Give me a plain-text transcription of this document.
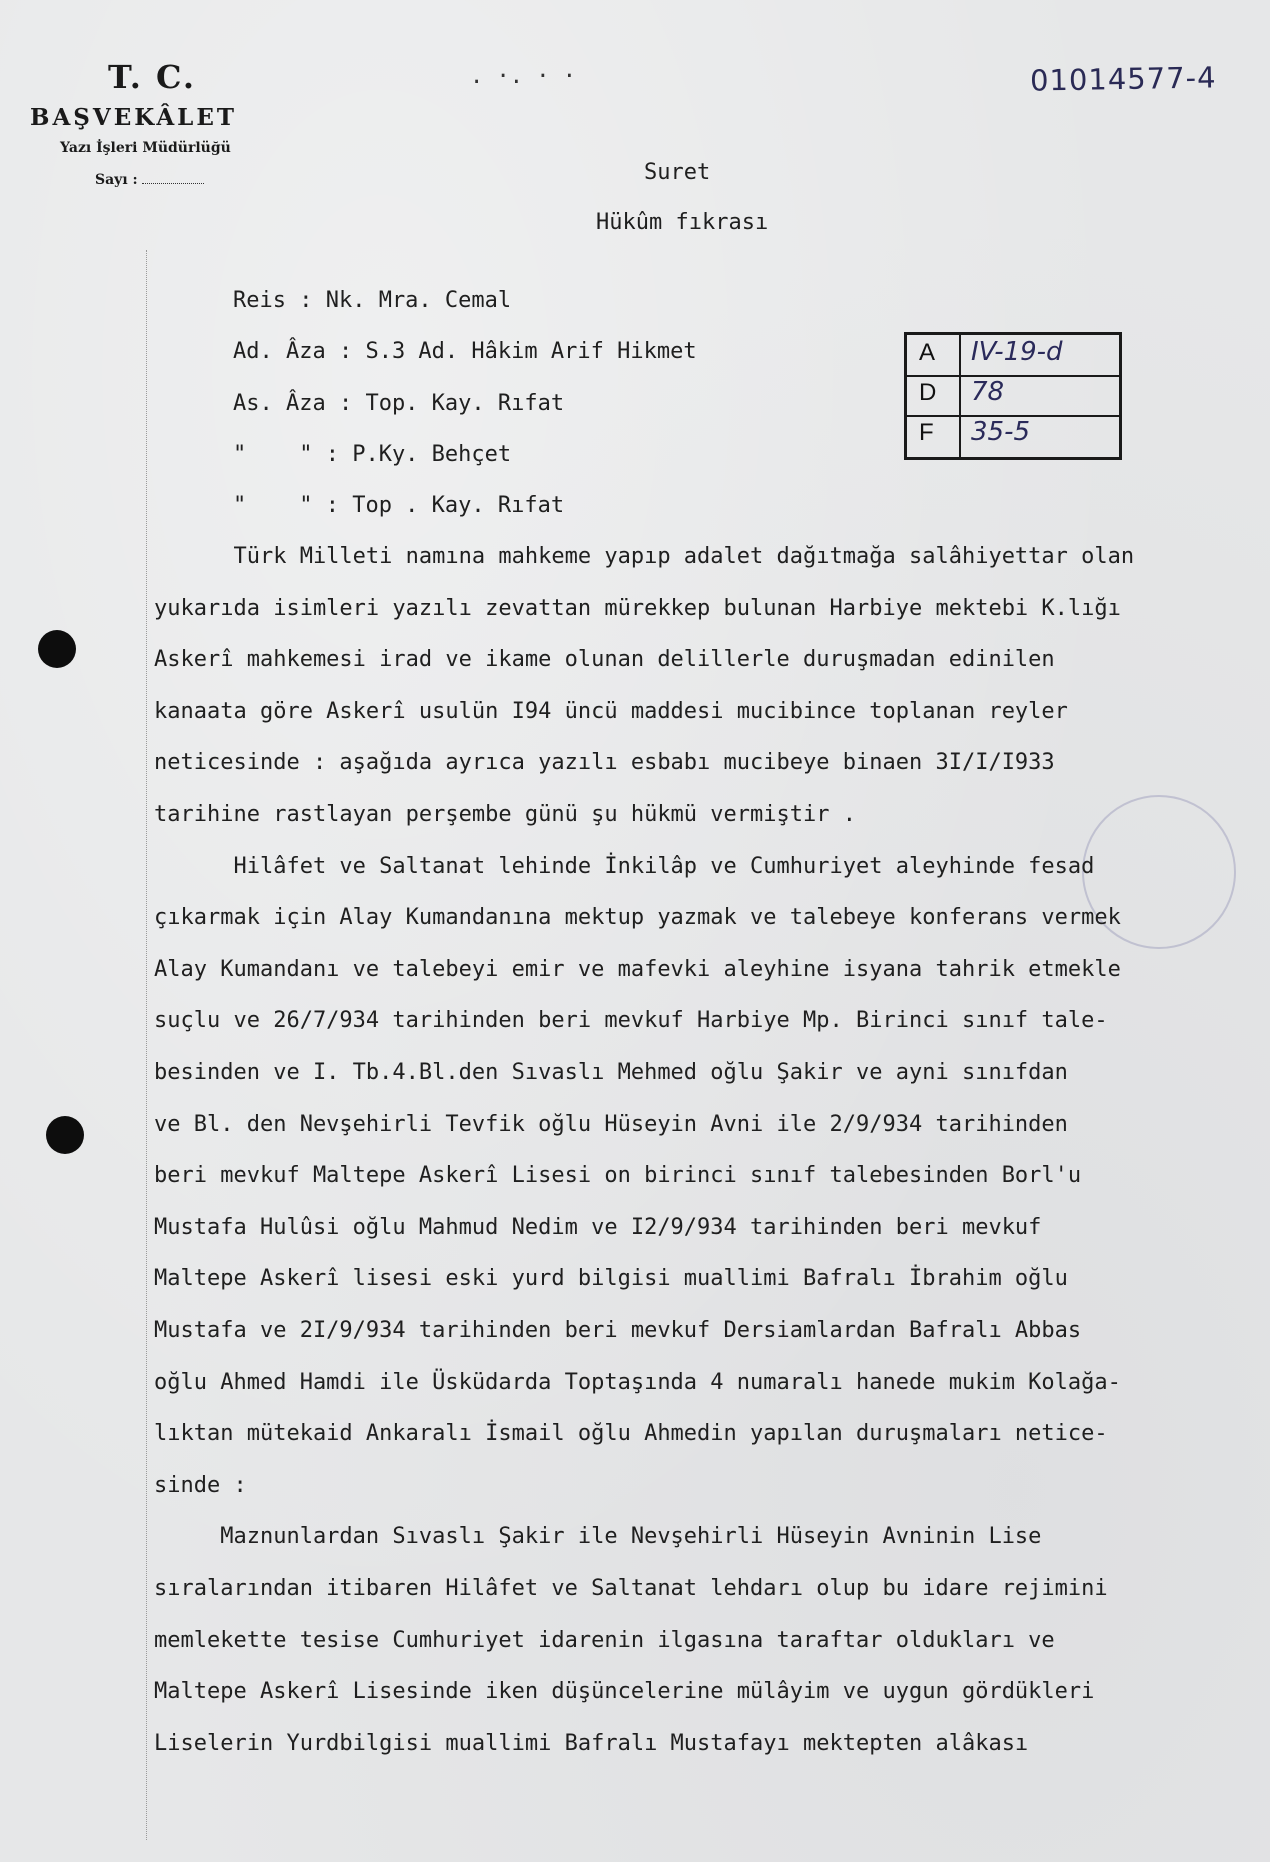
T. C.
BAŞVEKÂLET
Yazı İşleri Müdürlüğü
Sayı :
. ·. · ·	01014577-4
Suret
Hükûm fıkrası
Reis : Nk. Mra. Cemal
Ad. Âza : S.3 Ad. Hâkim Arif Hikmet
As. Âza : Top. Kay. Rıfat
"    " : P.Ky. Behçet
"    " : Top . Kay. Rıfat
A IV-19-d
D 78
F 35-5
Türk Milleti namına mahkeme yapıp adalet dağıtmağa salâhiyettar olan
yukarıda isimleri yazılı zevattan mürekkep bulunan Harbiye mektebi K.lığı
Askerî mahkemesi irad ve ikame olunan delillerle duruşmadan edinilen
kanaata göre Askerî usulün I94 üncü maddesi mucibince toplanan reyler
neticesinde : aşağıda ayrıca yazılı esbabı mucibeye binaen 3I/I/I933
tarihine rastlayan perşembe günü şu hükmü vermiştir .
Hilâfet ve Saltanat lehinde İnkilâp ve Cumhuriyet aleyhinde fesad
çıkarmak için Alay Kumandanına mektup yazmak ve talebeye konferans vermek
Alay Kumandanı ve talebeyi emir ve mafevki aleyhine isyana tahrik etmekle
suçlu ve 26/7/934 tarihinden beri mevkuf Harbiye Mp. Birinci sınıf tale-
besinden ve I. Tb.4.Bl.den Sıvaslı Mehmed oğlu Şakir ve ayni sınıfdan
ve Bl. den Nevşehirli Tevfik oğlu Hüseyin Avni ile 2/9/934 tarihinden
beri mevkuf Maltepe Askerî Lisesi on birinci sınıf talebesinden Borl'u
Mustafa Hulûsi oğlu Mahmud Nedim ve I2/9/934 tarihinden beri mevkuf
Maltepe Askerî lisesi eski yurd bilgisi muallimi Bafralı İbrahim oğlu
Mustafa ve 2I/9/934 tarihinden beri mevkuf Dersiamlardan Bafralı Abbas
oğlu Ahmed Hamdi ile Üsküdarda Toptaşında 4 numaralı hanede mukim Kolağa-
lıktan mütekaid Ankaralı İsmail oğlu Ahmedin yapılan duruşmaları netice-
sinde :
Maznunlardan Sıvaslı Şakir ile Nevşehirli Hüseyin Avninin Lise
sıralarından itibaren Hilâfet ve Saltanat lehdarı olup bu idare rejimini
memlekette tesise Cumhuriyet idarenin ilgasına taraftar oldukları ve
Maltepe Askerî Lisesinde iken düşüncelerine mülâyim ve uygun gördükleri
Liselerin Yurdbilgisi muallimi Bafralı Mustafayı mektepten alâkası
